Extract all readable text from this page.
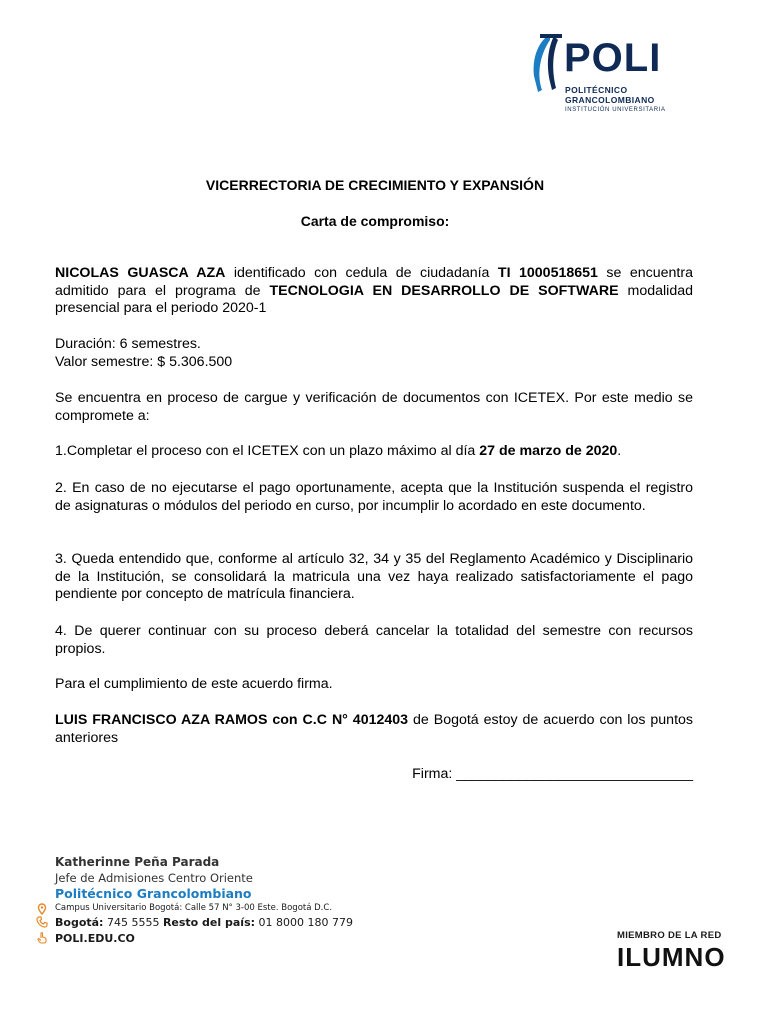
POLI
POLITÉCNICO
GRANCOLOMBIANO
INSTITUCIÓN UNIVERSITARIA
VICERRECTORIA DE CRECIMIENTO Y EXPANSIÓN
Carta de compromiso:

NICOLAS GUASCA AZA identificado con cedula de ciudadanía TI 1000518651 se encuentra admitido para el programa de TECNOLOGIA EN DESARROLLO DE SOFTWARE modalidad presencial para el periodo 2020-1

Duración: 6 semestres.

Valor semestre: $ 5.306.500

Se encuentra en proceso de cargue y verificación de documentos con ICETEX. Por este medio se compromete a:

1.Completar el proceso con el ICETEX con un plazo máximo al día 27 de marzo de 2020.

2. En caso de no ejecutarse el pago oportunamente, acepta que la Institución suspenda el registro de asignaturas o módulos del periodo en curso, por incumplir lo acordado en este documento.

3. Queda entendido que, conforme al artículo 32, 34 y 35 del Reglamento Académico y Disciplinario de la Institución, se consolidará la matricula una vez haya realizado satisfactoriamente el pago pendiente por concepto de matrícula financiera.

4. De querer continuar con su proceso deberá cancelar la totalidad del semestre con recursos propios.

Para el cumplimiento de este acuerdo firma.

LUIS FRANCISCO AZA RAMOS con C.C N° 4012403 de Bogotá estoy de acuerdo con los puntos anteriores

Firma: ______________________________
Katherinne Peña Parada
Jefe de Admisiones Centro Oriente
Politécnico Grancolombiano
Campus Universitario Bogotá: Calle 57 N° 3-00 Este. Bogotá D.C.
Bogotá: 745 5555 Resto del país: 01 8000 180 779
POLI.EDU.CO	MIEMBRO DE LA RED
ILUMNO
